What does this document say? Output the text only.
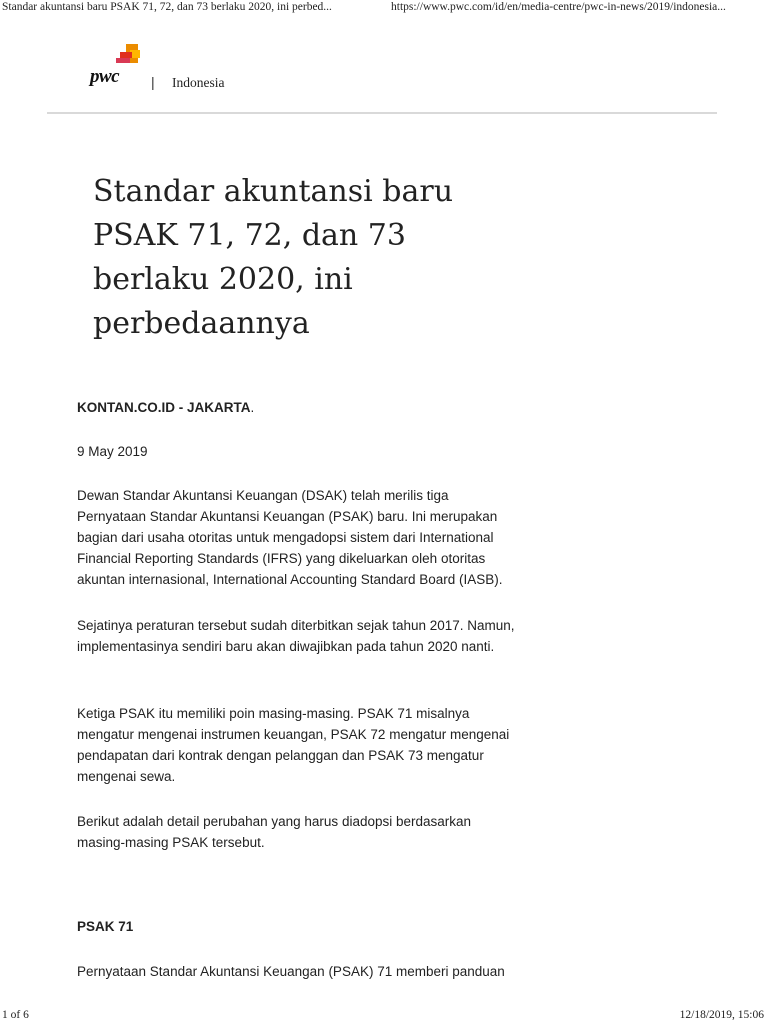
Standar akuntansi baru PSAK 71, 72, dan 73 berlaku 2020, ini perbed...	https://www.pwc.com/id/en/media-centre/pwc-in-news/2019/indonesia...
pwc | Indonesia
Standar akuntansi baru PSAK 71, 72, dan 73 berlaku 2020, ini perbedaannya

KONTAN.CO.ID - JAKARTA.

9 May 2019

Dewan Standar Akuntansi Keuangan (DSAK) telah merilis tiga Pernyataan Standar Akuntansi Keuangan (PSAK) baru. Ini merupakan bagian dari usaha otoritas untuk mengadopsi sistem dari International Financial Reporting Standards (IFRS) yang dikeluarkan oleh otoritas akuntan internasional, International Accounting Standard Board (IASB).

Sejatinya peraturan tersebut sudah diterbitkan sejak tahun 2017. Namun, implementasinya sendiri baru akan diwajibkan pada tahun 2020 nanti.

Ketiga PSAK itu memiliki poin masing-masing. PSAK 71 misalnya mengatur mengenai instrumen keuangan, PSAK 72 mengatur mengenai pendapatan dari kontrak dengan pelanggan dan PSAK 73 mengatur mengenai sewa.

Berikut adalah detail perubahan yang harus diadopsi berdasarkan masing-masing PSAK tersebut.

PSAK 71

Pernyataan Standar Akuntansi Keuangan (PSAK) 71 memberi panduan

1 of 6	12/18/2019, 15:06
